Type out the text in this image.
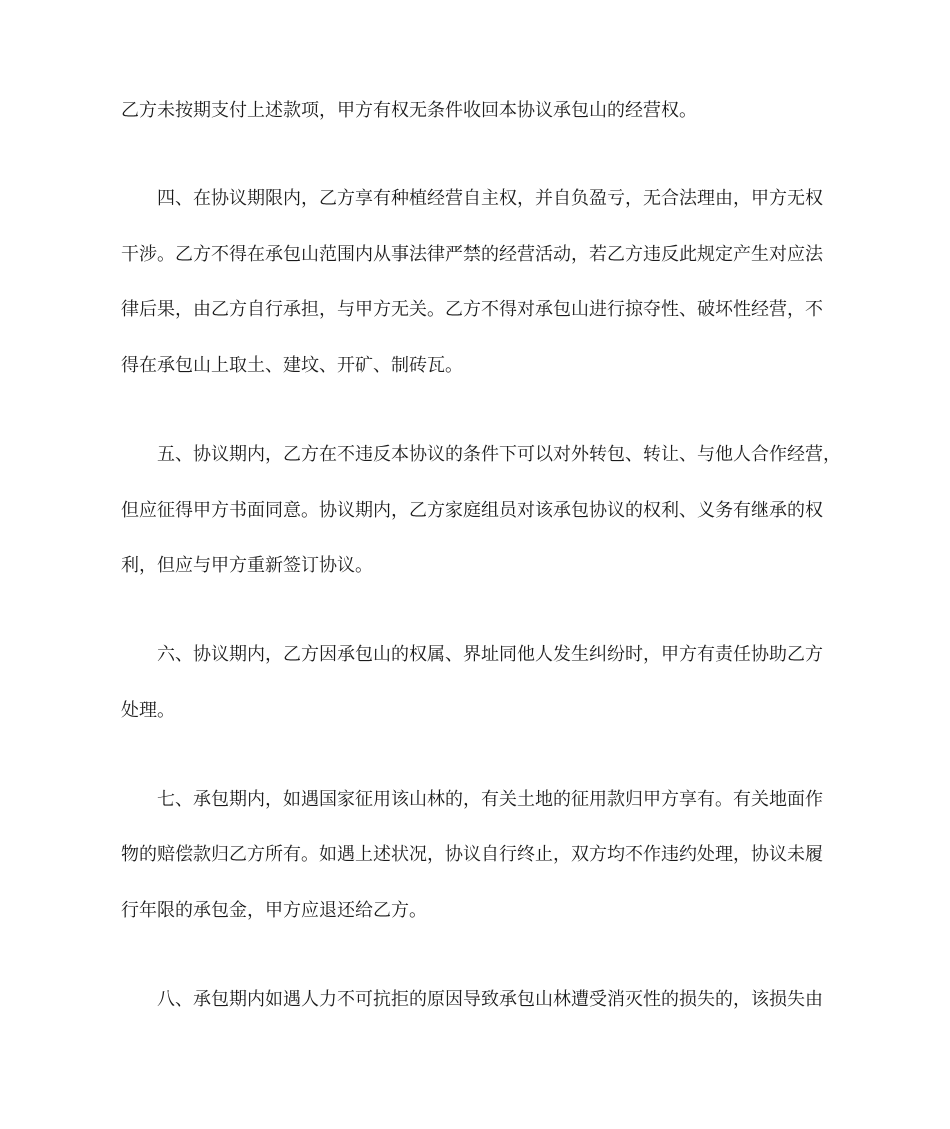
乙方未按期支付上述款项，甲方有权无条件收回本协议承包山的经营权。
四、在协议期限内，乙方享有种植经营自主权，并自负盈亏，无合法理由，甲方无权
干涉。乙方不得在承包山范围内从事法律严禁的经营活动，若乙方违反此规定产生对应法
律后果，由乙方自行承担，与甲方无关。乙方不得对承包山进行掠夺性、破坏性经营，不
得在承包山上取土、建坟、开矿、制砖瓦。
五、协议期内，乙方在不违反本协议的条件下可以对外转包、转让、与他人合作经营，
但应征得甲方书面同意。协议期内，乙方家庭组员对该承包协议的权利、义务有继承的权
利，但应与甲方重新签订协议。
六、协议期内，乙方因承包山的权属、界址同他人发生纠纷时，甲方有责任协助乙方
处理。
七、承包期内，如遇国家征用该山林的，有关土地的征用款归甲方享有。有关地面作
物的赔偿款归乙方所有。如遇上述状况，协议自行终止，双方均不作违约处理，协议未履
行年限的承包金，甲方应退还给乙方。
八、承包期内如遇人力不可抗拒的原因导致承包山林遭受消灭性的损失的，该损失由
